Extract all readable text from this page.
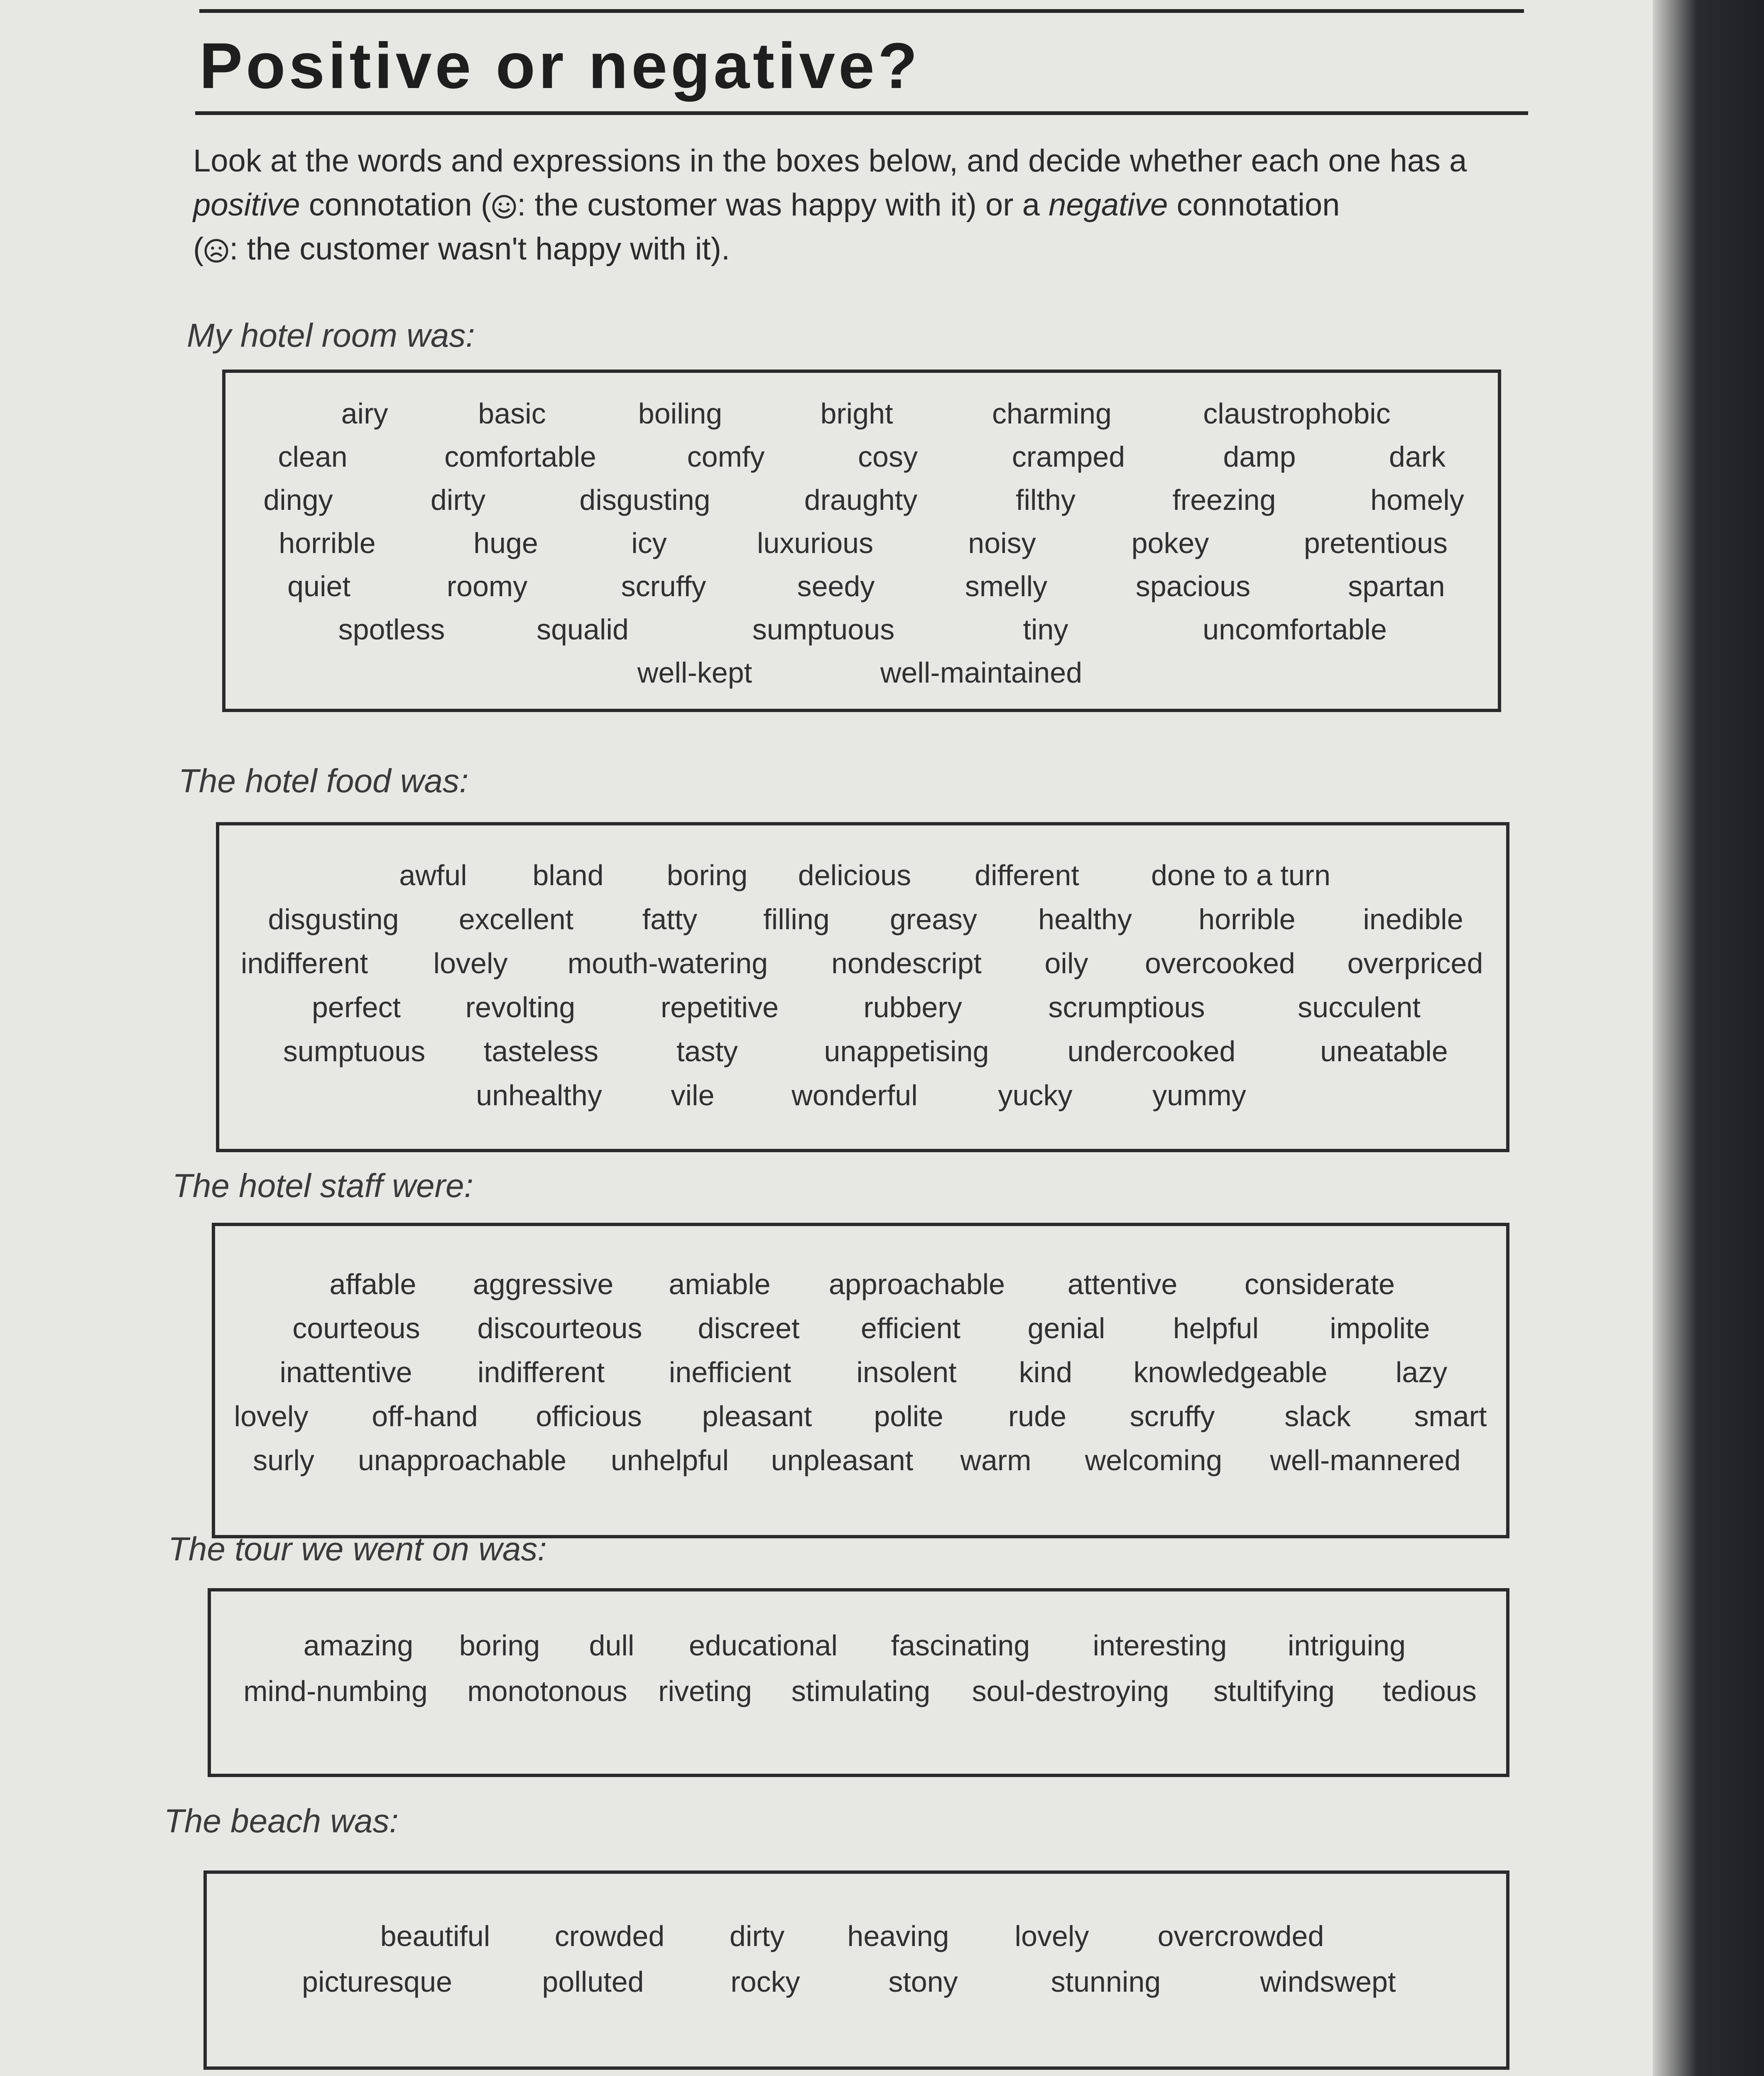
Positive or negative?
Look at the words and expressions in the boxes below, and decide whether each one has a
positive connotation ( : the customer was happy with it) or a negative connotation
( : the customer wasn't happy with it).

My hotel room was:

airy	basic	boiling	bright	charming	claustrophobic
clean	comfortable	comfy	cosy	cramped	damp	dark
dingy	dirty	disgusting	draughty	filthy	freezing	homely
horrible	huge	icy	luxurious	noisy	pokey	pretentious
quiet	roomy	scruffy	seedy	smelly	spacious	spartan
spotless	squalid	sumptuous	tiny	uncomfortable
well-kept	well-maintained

The hotel food was:

awful bland boring delicious different done to a turn
disgusting excellent fatty filling greasy healthy horrible inedible
indifferent lovely mouth-watering nondescript oily overcooked overpriced
perfect revolting	repetitive	rubbery	scrumptious	succulent
sumptuous tasteless	tasty	unappetising	undercooked	uneatable
unhealthy vile	wonderful	yucky	yummy

The hotel staff were:

affable aggressive amiable approachable attentive considerate
courteous discourteous discreet efficient genial helpful impolite
inattentive indifferent inefficient insolent kind knowledgeable lazy
lovely off-hand officious pleasant polite rude scruffy slack smart
surly unapproachable unhelpful unpleasant warm welcoming well-mannered

The tour we went on was:

amazing boring dull educational fascinating interesting intriguing
mind-numbing monotonous riveting stimulating soul-destroying stultifying tedious

The beach was:

beautiful crowded dirty heaving lovely overcrowded
picturesque	polluted	rocky	stony	stunning	windswept
